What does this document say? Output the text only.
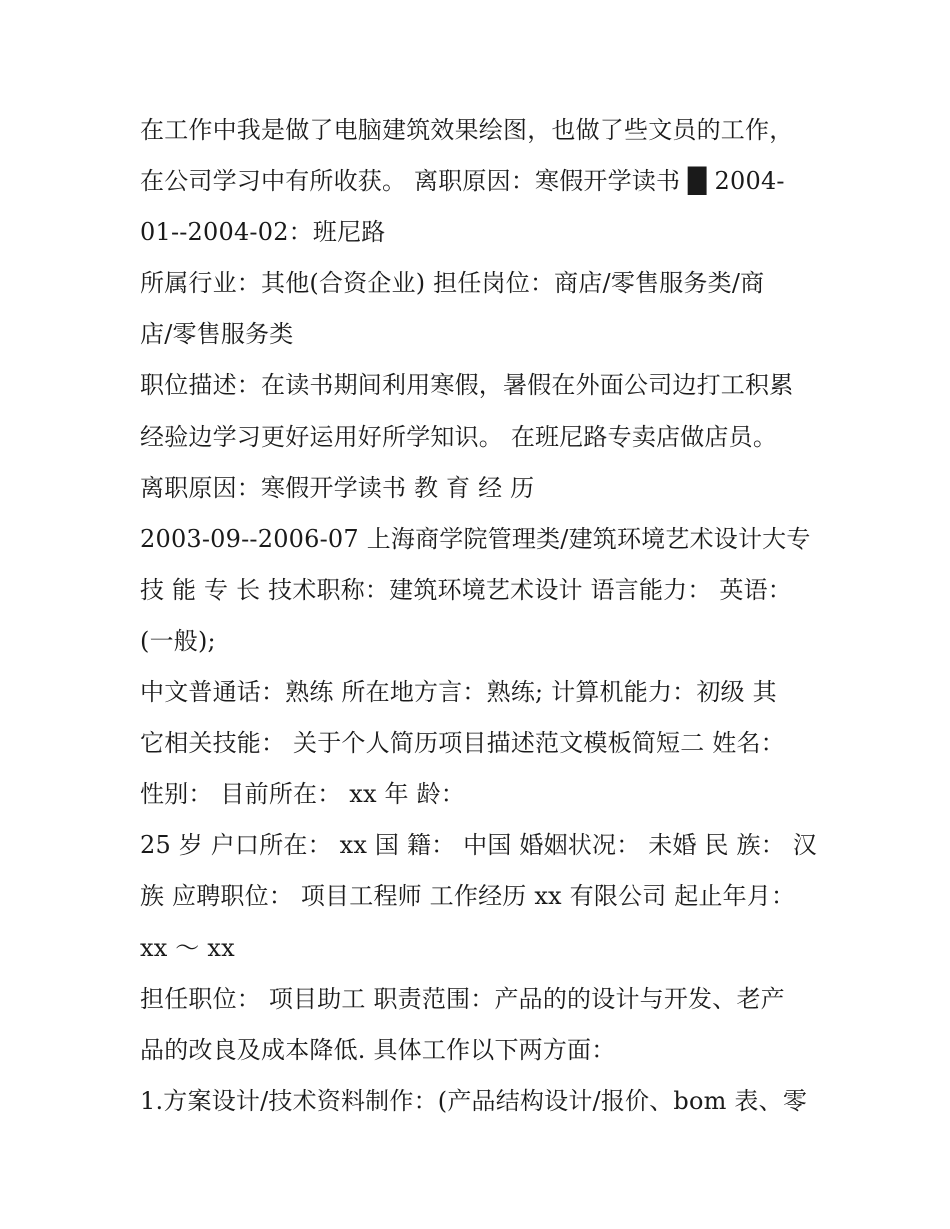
在工作中我是做了电脑建筑效果绘图，也做了些文员的工作，
在公司学习中有所收获。 离职原因：寒假开学读书 █ 2004-
01--2004-02：班尼路
所属行业：其他(合资企业) 担任岗位：商店/零售服务类/商
店/零售服务类
职位描述：在读书期间利用寒假，暑假在外面公司边打工积累
经验边学习更好运用好所学知识。 在班尼路专卖店做店员。
离职原因：寒假开学读书 教 育 经 历
2003-09--2006-07 上海商学院管理类/建筑环境艺术设计大专
技 能 专 长 技术职称：建筑环境艺术设计 语言能力： 英语：
(一般);
中文普通话：熟练 所在地方言：熟练; 计算机能力：初级 其
它相关技能： 关于个人简历项目描述范文模板简短二 姓名：
性别： 目前所在： xx 年 龄：
25 岁 户口所在： xx 国 籍： 中国 婚姻状况： 未婚 民 族： 汉
族 应聘职位： 项目工程师 工作经历 xx 有限公司 起止年月：
xx ～ xx
担任职位： 项目助工 职责范围：产品的的设计与开发、老产
品的改良及成本降低. 具体工作以下两方面：
1.方案设计/技术资料制作：(产品结构设计/报价、bom 表、零
